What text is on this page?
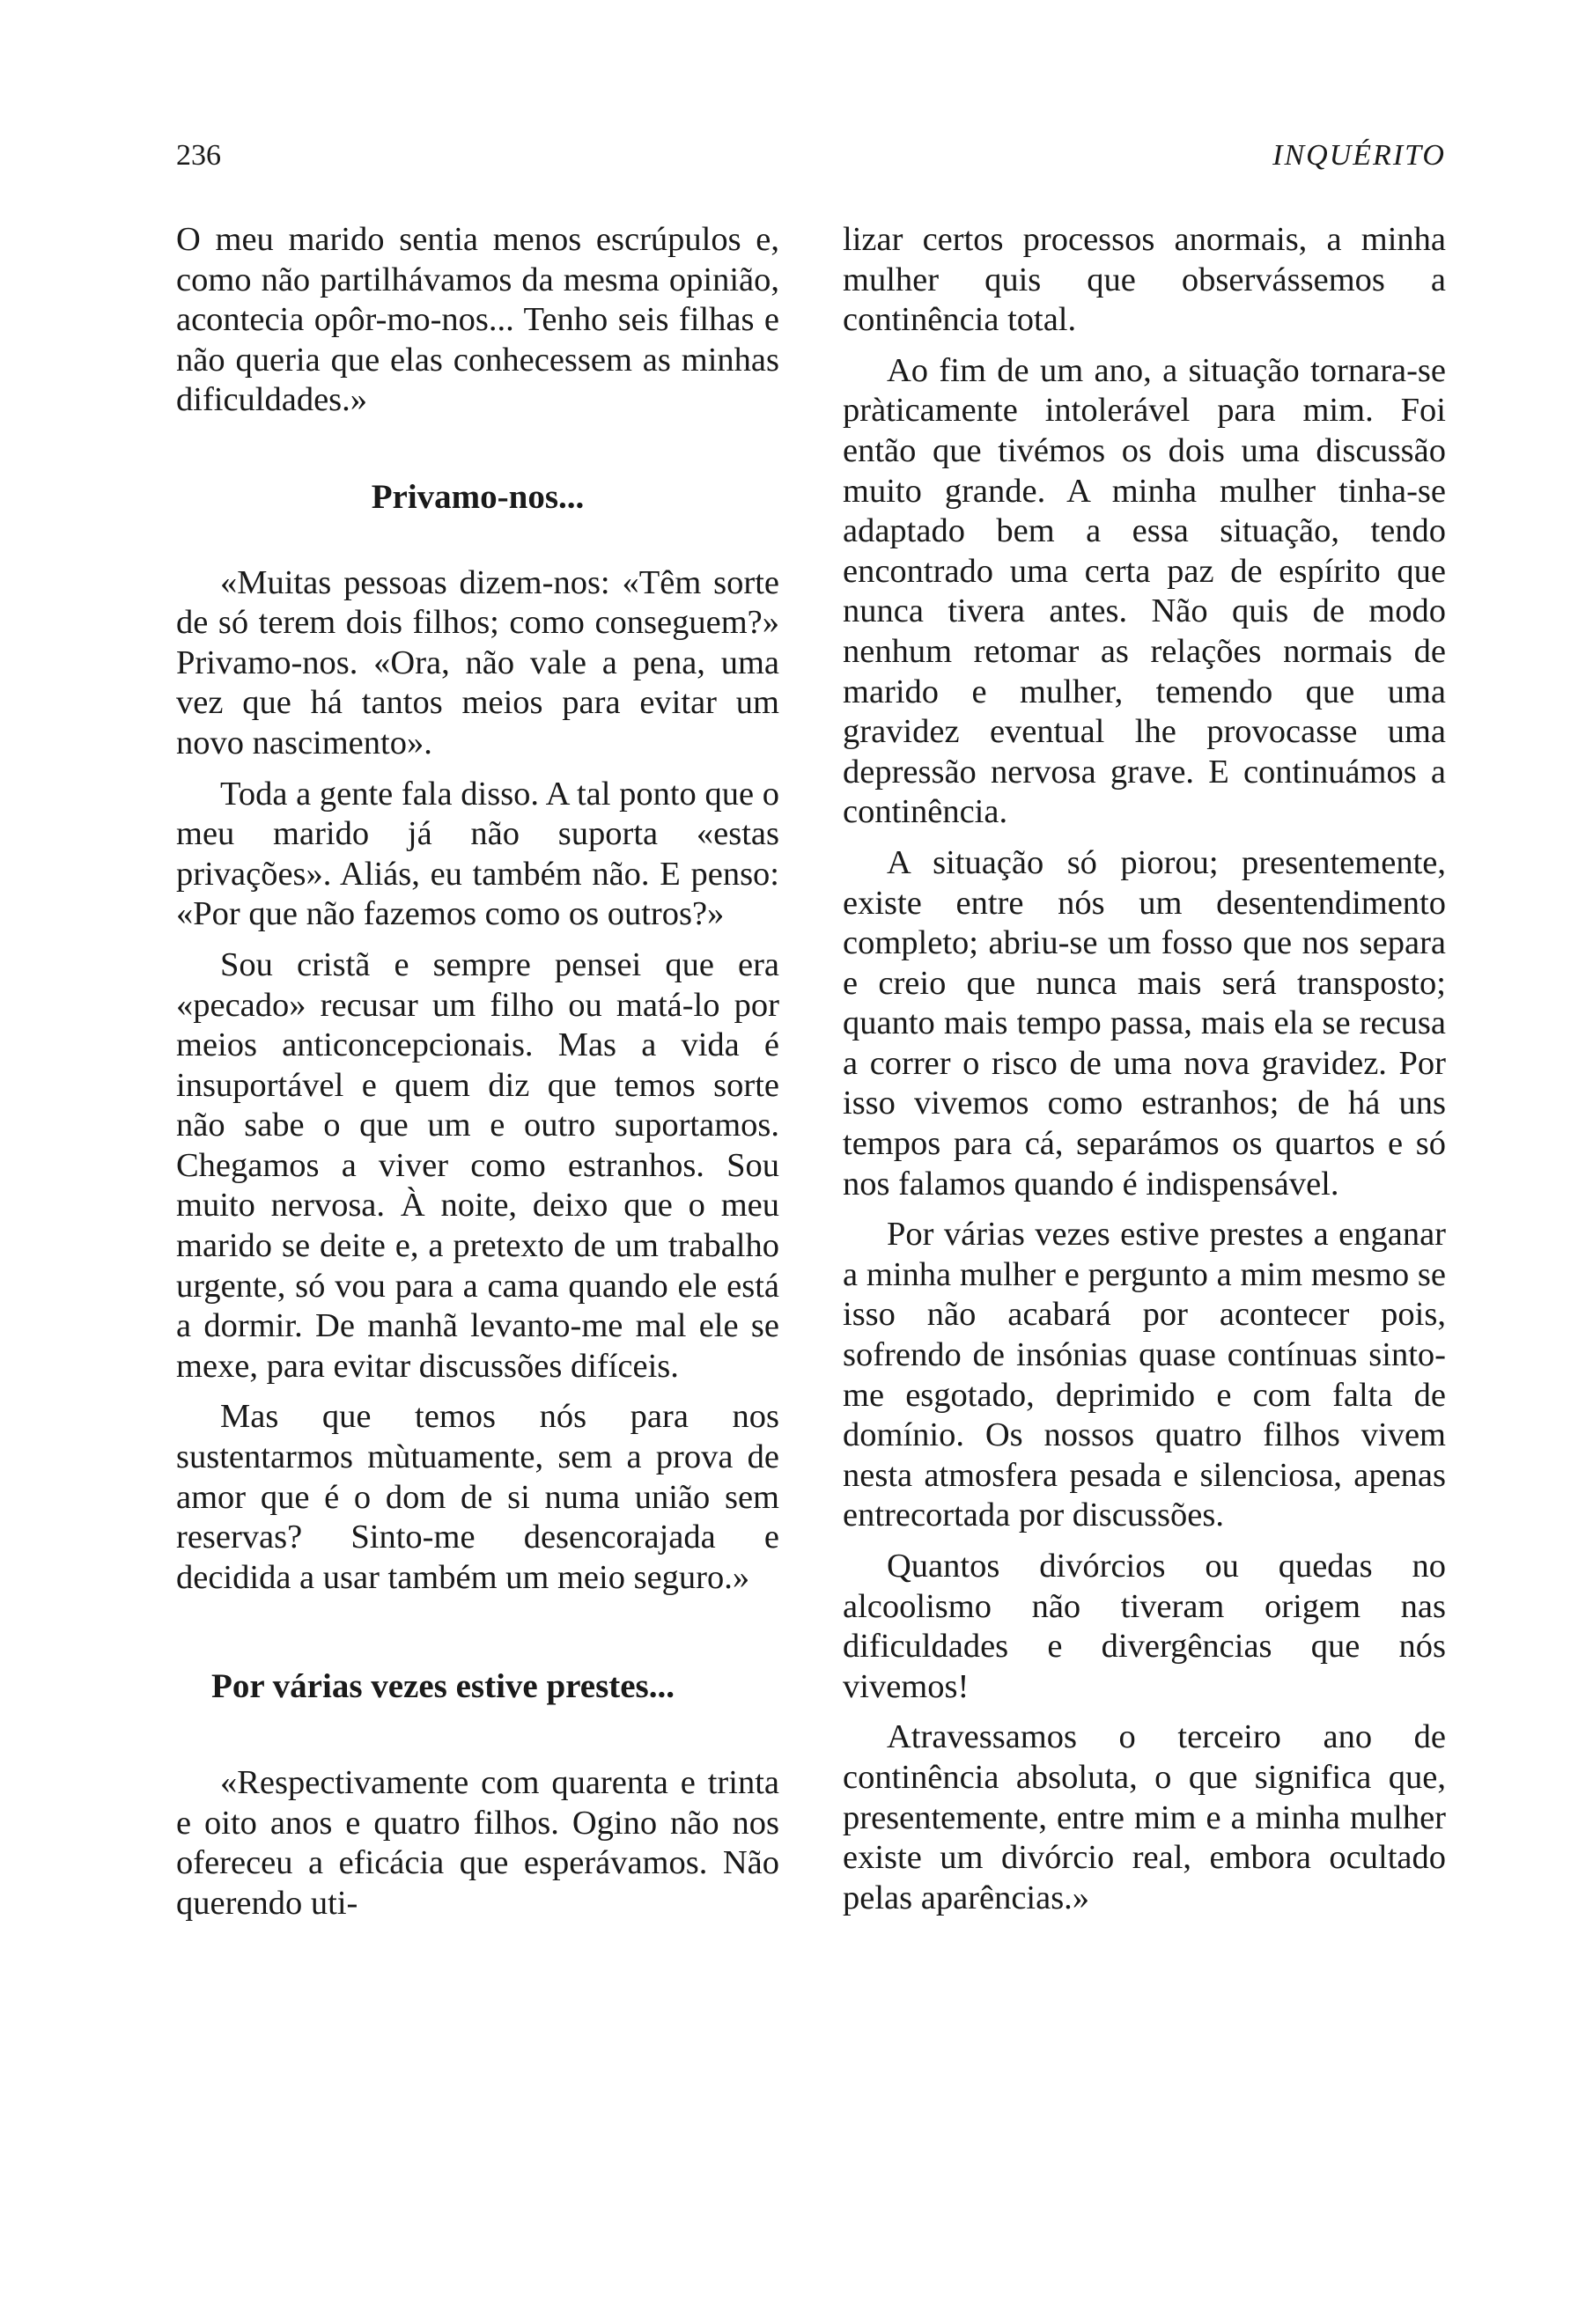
236	INQUÉRITO

O meu marido sentia menos escrúpulos e, como não partilhávamos da mesma opinião, acontecia opôr-mo-nos... Tenho seis filhas e não queria que elas conhecessem as minhas dificuldades.»

Privamo-nos...

«Muitas pessoas dizem-nos: «Têm sorte de só terem dois filhos; como conseguem?» Privamo-nos. «Ora, não vale a pena, uma vez que há tantos meios para evitar um novo nascimento».

Toda a gente fala disso. A tal ponto que o meu marido já não suporta «estas privações». Aliás, eu também não. E penso: «Por que não fazemos como os outros?»

Sou cristã e sempre pensei que era «pecado» recusar um filho ou matá-lo por meios anticoncepcionais. Mas a vida é insuportável e quem diz que temos sorte não sabe o que um e outro suportamos. Chegamos a viver como estranhos. Sou muito nervosa. À noite, deixo que o meu marido se deite e, a pretexto de um trabalho urgente, só vou para a cama quando ele está a dormir. De manhã levanto-me mal ele se mexe, para evitar discussões difíceis.

Mas que temos nós para nos sustentarmos mùtuamente, sem a prova de amor que é o dom de si numa união sem reservas? Sinto-me desencorajada e decidida a usar também um meio seguro.»

Por várias vezes estive prestes...

«Respectivamente com quarenta e trinta e oito anos e quatro filhos. Ogino não nos ofereceu a eficácia que esperávamos. Não querendo uti-

lizar certos processos anormais, a minha mulher quis que observássemos a continência total.

Ao fim de um ano, a situação tornara-se pràticamente intolerável para mim. Foi então que tivémos os dois uma discussão muito grande. A minha mulher tinha-se adaptado bem a essa situação, tendo encontrado uma certa paz de espírito que nunca tivera antes. Não quis de modo nenhum retomar as relações normais de marido e mulher, temendo que uma gravidez eventual lhe provocasse uma depressão nervosa grave. E continuámos a continência.

A situação só piorou; presentemente, existe entre nós um desentendimento completo; abriu-se um fosso que nos separa e creio que nunca mais será transposto; quanto mais tempo passa, mais ela se recusa a correr o risco de uma nova gravidez. Por isso vivemos como estranhos; de há uns tempos para cá, separámos os quartos e só nos falamos quando é indispensável.

Por várias vezes estive prestes a enganar a minha mulher e pergunto a mim mesmo se isso não acabará por acontecer pois, sofrendo de insónias quase contínuas sinto-me esgotado, deprimido e com falta de domínio. Os nossos quatro filhos vivem nesta atmosfera pesada e silenciosa, apenas entrecortada por discussões.

Quantos divórcios ou quedas no alcoolismo não tiveram origem nas dificuldades e divergências que nós vivemos!

Atravessamos o terceiro ano de continência absoluta, o que significa que, presentemente, entre mim e a minha mulher existe um divórcio real, embora ocultado pelas aparências.»
